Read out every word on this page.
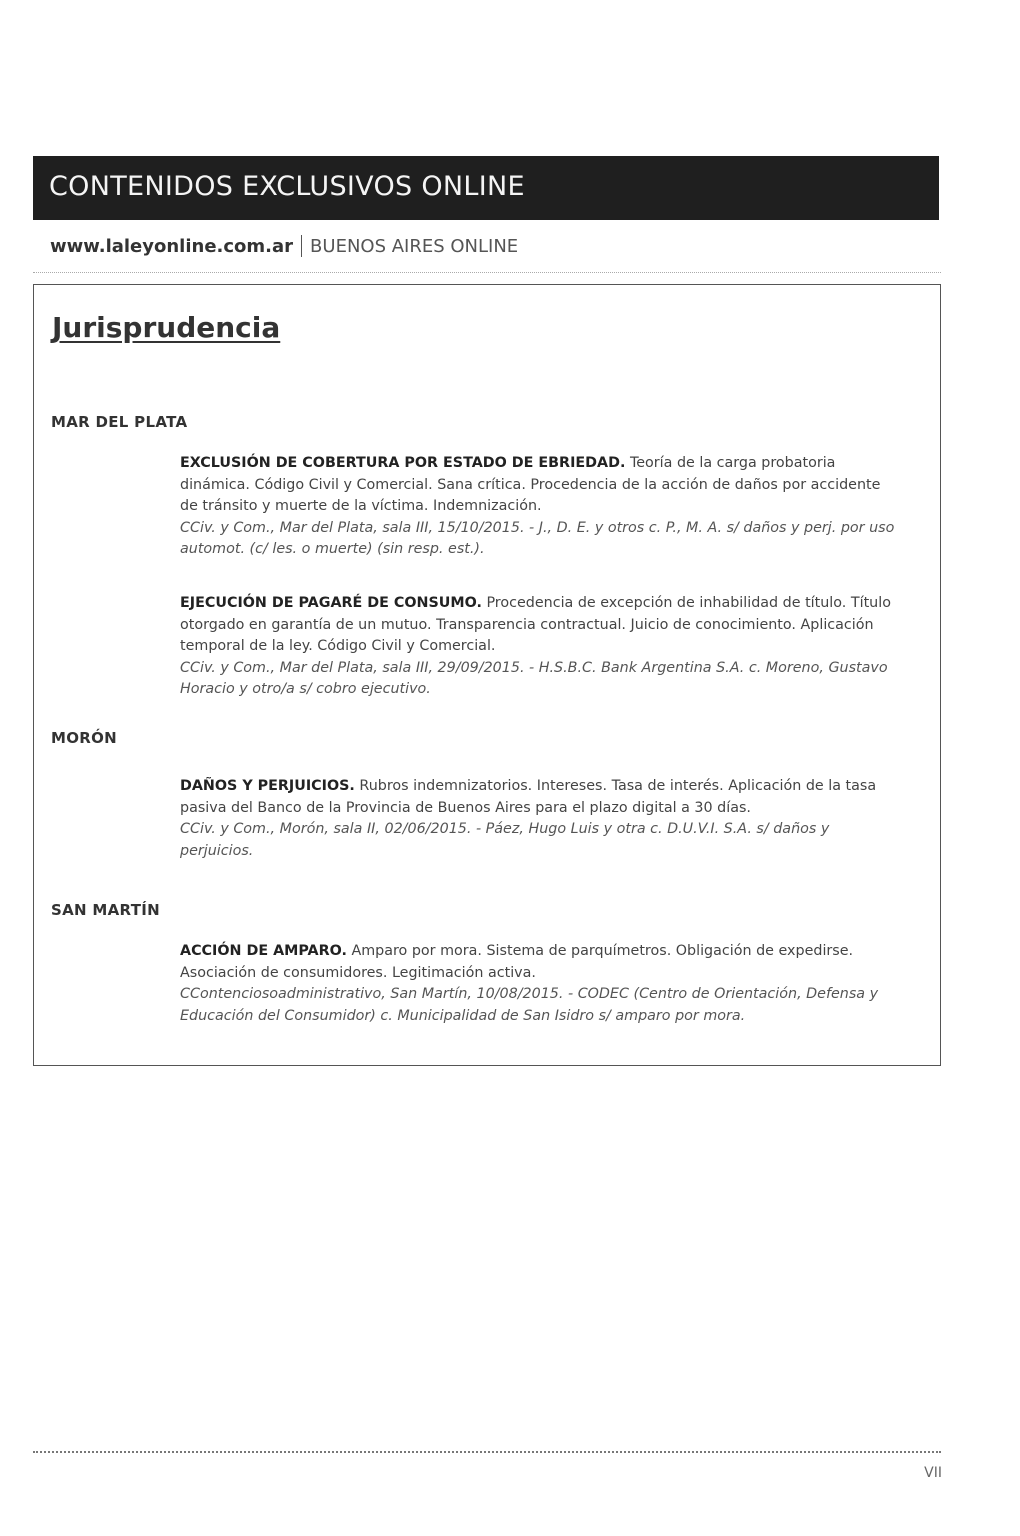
CONTENIDOS EXCLUSIVOS ONLINE
www.laleyonline.com.ar BUENOS AIRES ONLINE
Jurisprudencia
MAR DEL PLATA

EXCLUSIÓN DE COBERTURA POR ESTADO DE EBRIEDAD. Teoría de la carga probatoria dinámica. Código Civil y Comercial. Sana crítica. Procedencia de la acción de daños por accidente de tránsito y muerte de la víctima. Indemnización.

CCiv. y Com., Mar del Plata, sala III, 15/10/2015. - J., D. E. y otros c. P., M. A. s/ daños y perj. por uso automot. (c/ les. o muerte) (sin resp. est.).

EJECUCIÓN DE PAGARÉ DE CONSUMO. Procedencia de excepción de inhabilidad de título. Título otorgado en garantía de un mutuo. Transparencia contractual. Juicio de conocimiento. Aplicación temporal de la ley. Código Civil y Comercial.

CCiv. y Com., Mar del Plata, sala III, 29/09/2015. - H.S.B.C. Bank Argentina S.A. c. Moreno, Gustavo Horacio y otro/a s/ cobro ejecutivo.

MORÓN

DAÑOS Y PERJUICIOS. Rubros indemnizatorios. Intereses. Tasa de interés. Aplicación de la tasa pasiva del Banco de la Provincia de Buenos Aires para el plazo digital a 30 días.

CCiv. y Com., Morón, sala II, 02/06/2015. - Páez, Hugo Luis y otra c. D.U.V.I. S.A. s/ daños y perjuicios.

SAN MARTÍN

ACCIÓN DE AMPARO. Amparo por mora. Sistema de parquímetros. Obligación de expedirse. Asociación de consumidores. Legitimación activa.

CContenciosoadministrativo, San Martín, 10/08/2015. - CODEC (Centro de Orientación, Defensa y Educación del Consumidor) c. Municipalidad de San Isidro s/ amparo por mora.

VII
